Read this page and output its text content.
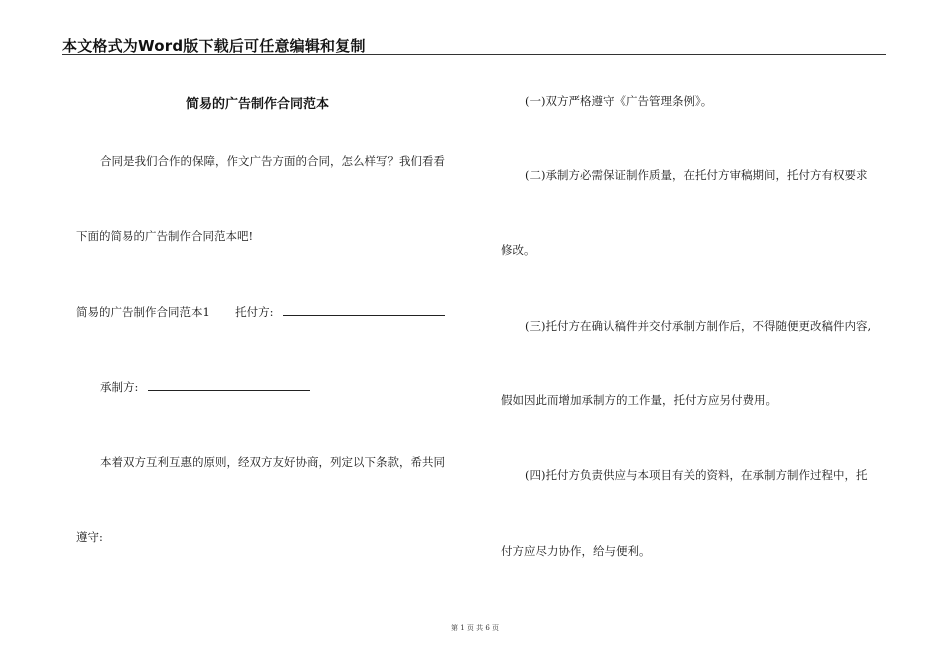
本文格式为Word版下载后可任意编辑和复制
简易的广告制作合同范本
合同是我们合作的保障，作文广告方面的合同，怎么样写？我们看看
下面的简易的广告制作合同范本吧!
简易的广告制作合同范本1 托付方:
承制方:
本着双方互利互惠的原则，经双方友好协商，列定以下条款，希共同
遵守:
(一)双方严格遵守《广告管理条例》。
(二)承制方必需保证制作质量，在托付方审稿期间，托付方有权要求
修改。
(三)托付方在确认稿件并交付承制方制作后，不得随便更改稿件内容,
假如因此而增加承制方的工作量，托付方应另付费用。
(四)托付方负责供应与本项目有关的资料，在承制方制作过程中，托
付方应尽力协作，给与便利。
第 1 页 共 6 页
